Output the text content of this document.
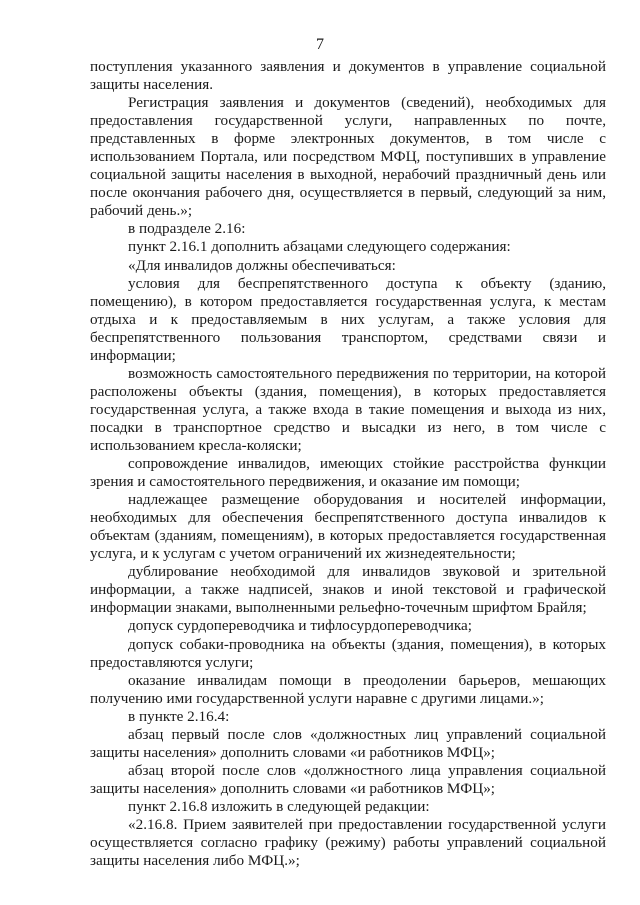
7

поступления указанного заявления и документов в управление социальной защиты населения.

Регистрация заявления и документов (сведений), необходимых для предоставления государственной услуги, направленных по почте, представленных в форме электронных документов, в том числе с использованием Портала, или посредством МФЦ, поступивших в управление социальной защиты населения в выходной, нерабочий праздничный день или после окончания рабочего дня, осуществляется в первый, следующий за ним, рабочий день.»;

в подразделе 2.16:

пункт 2.16.1 дополнить абзацами следующего содержания:

«Для инвалидов должны обеспечиваться:

условия для беспрепятственного доступа к объекту (зданию, помещению), в котором предоставляется государственная услуга, к местам отдыха и к предоставляемым в них услугам, а также условия для беспрепятственного пользования транспортом, средствами связи и информации;

возможность самостоятельного передвижения по территории, на которой расположены объекты (здания, помещения), в которых предоставляется государственная услуга, а также входа в такие помещения и выхода из них, посадки в транспортное средство и высадки из него, в том числе с использованием кресла-коляски;

сопровождение инвалидов, имеющих стойкие расстройства функции зрения и самостоятельного передвижения, и оказание им помощи;

надлежащее размещение оборудования и носителей информации, необходимых для обеспечения беспрепятственного доступа инвалидов к объектам (зданиям, помещениям), в которых предоставляется государственная услуга, и к услугам с учетом ограничений их жизнедеятельности;

дублирование необходимой для инвалидов звуковой и зрительной информации, а также надписей, знаков и иной текстовой и графической информации знаками, выполненными рельефно-точечным шрифтом Брайля;

допуск сурдопереводчика и тифлосурдопереводчика;

допуск собаки-проводника на объекты (здания, помещения), в которых предоставляются услуги;

оказание инвалидам помощи в преодолении барьеров, мешающих получению ими государственной услуги наравне с другими лицами.»;

в пункте 2.16.4:

абзац первый после слов «должностных лиц управлений социальной защиты населения» дополнить словами «и работников МФЦ»;

абзац второй после слов «должностного лица управления социальной защиты населения» дополнить словами «и работников МФЦ»;

пункт 2.16.8 изложить в следующей редакции:

«2.16.8. Прием заявителей при предоставлении государственной услуги осуществляется согласно графику (режиму) работы управлений социальной защиты населения либо МФЦ.»;
